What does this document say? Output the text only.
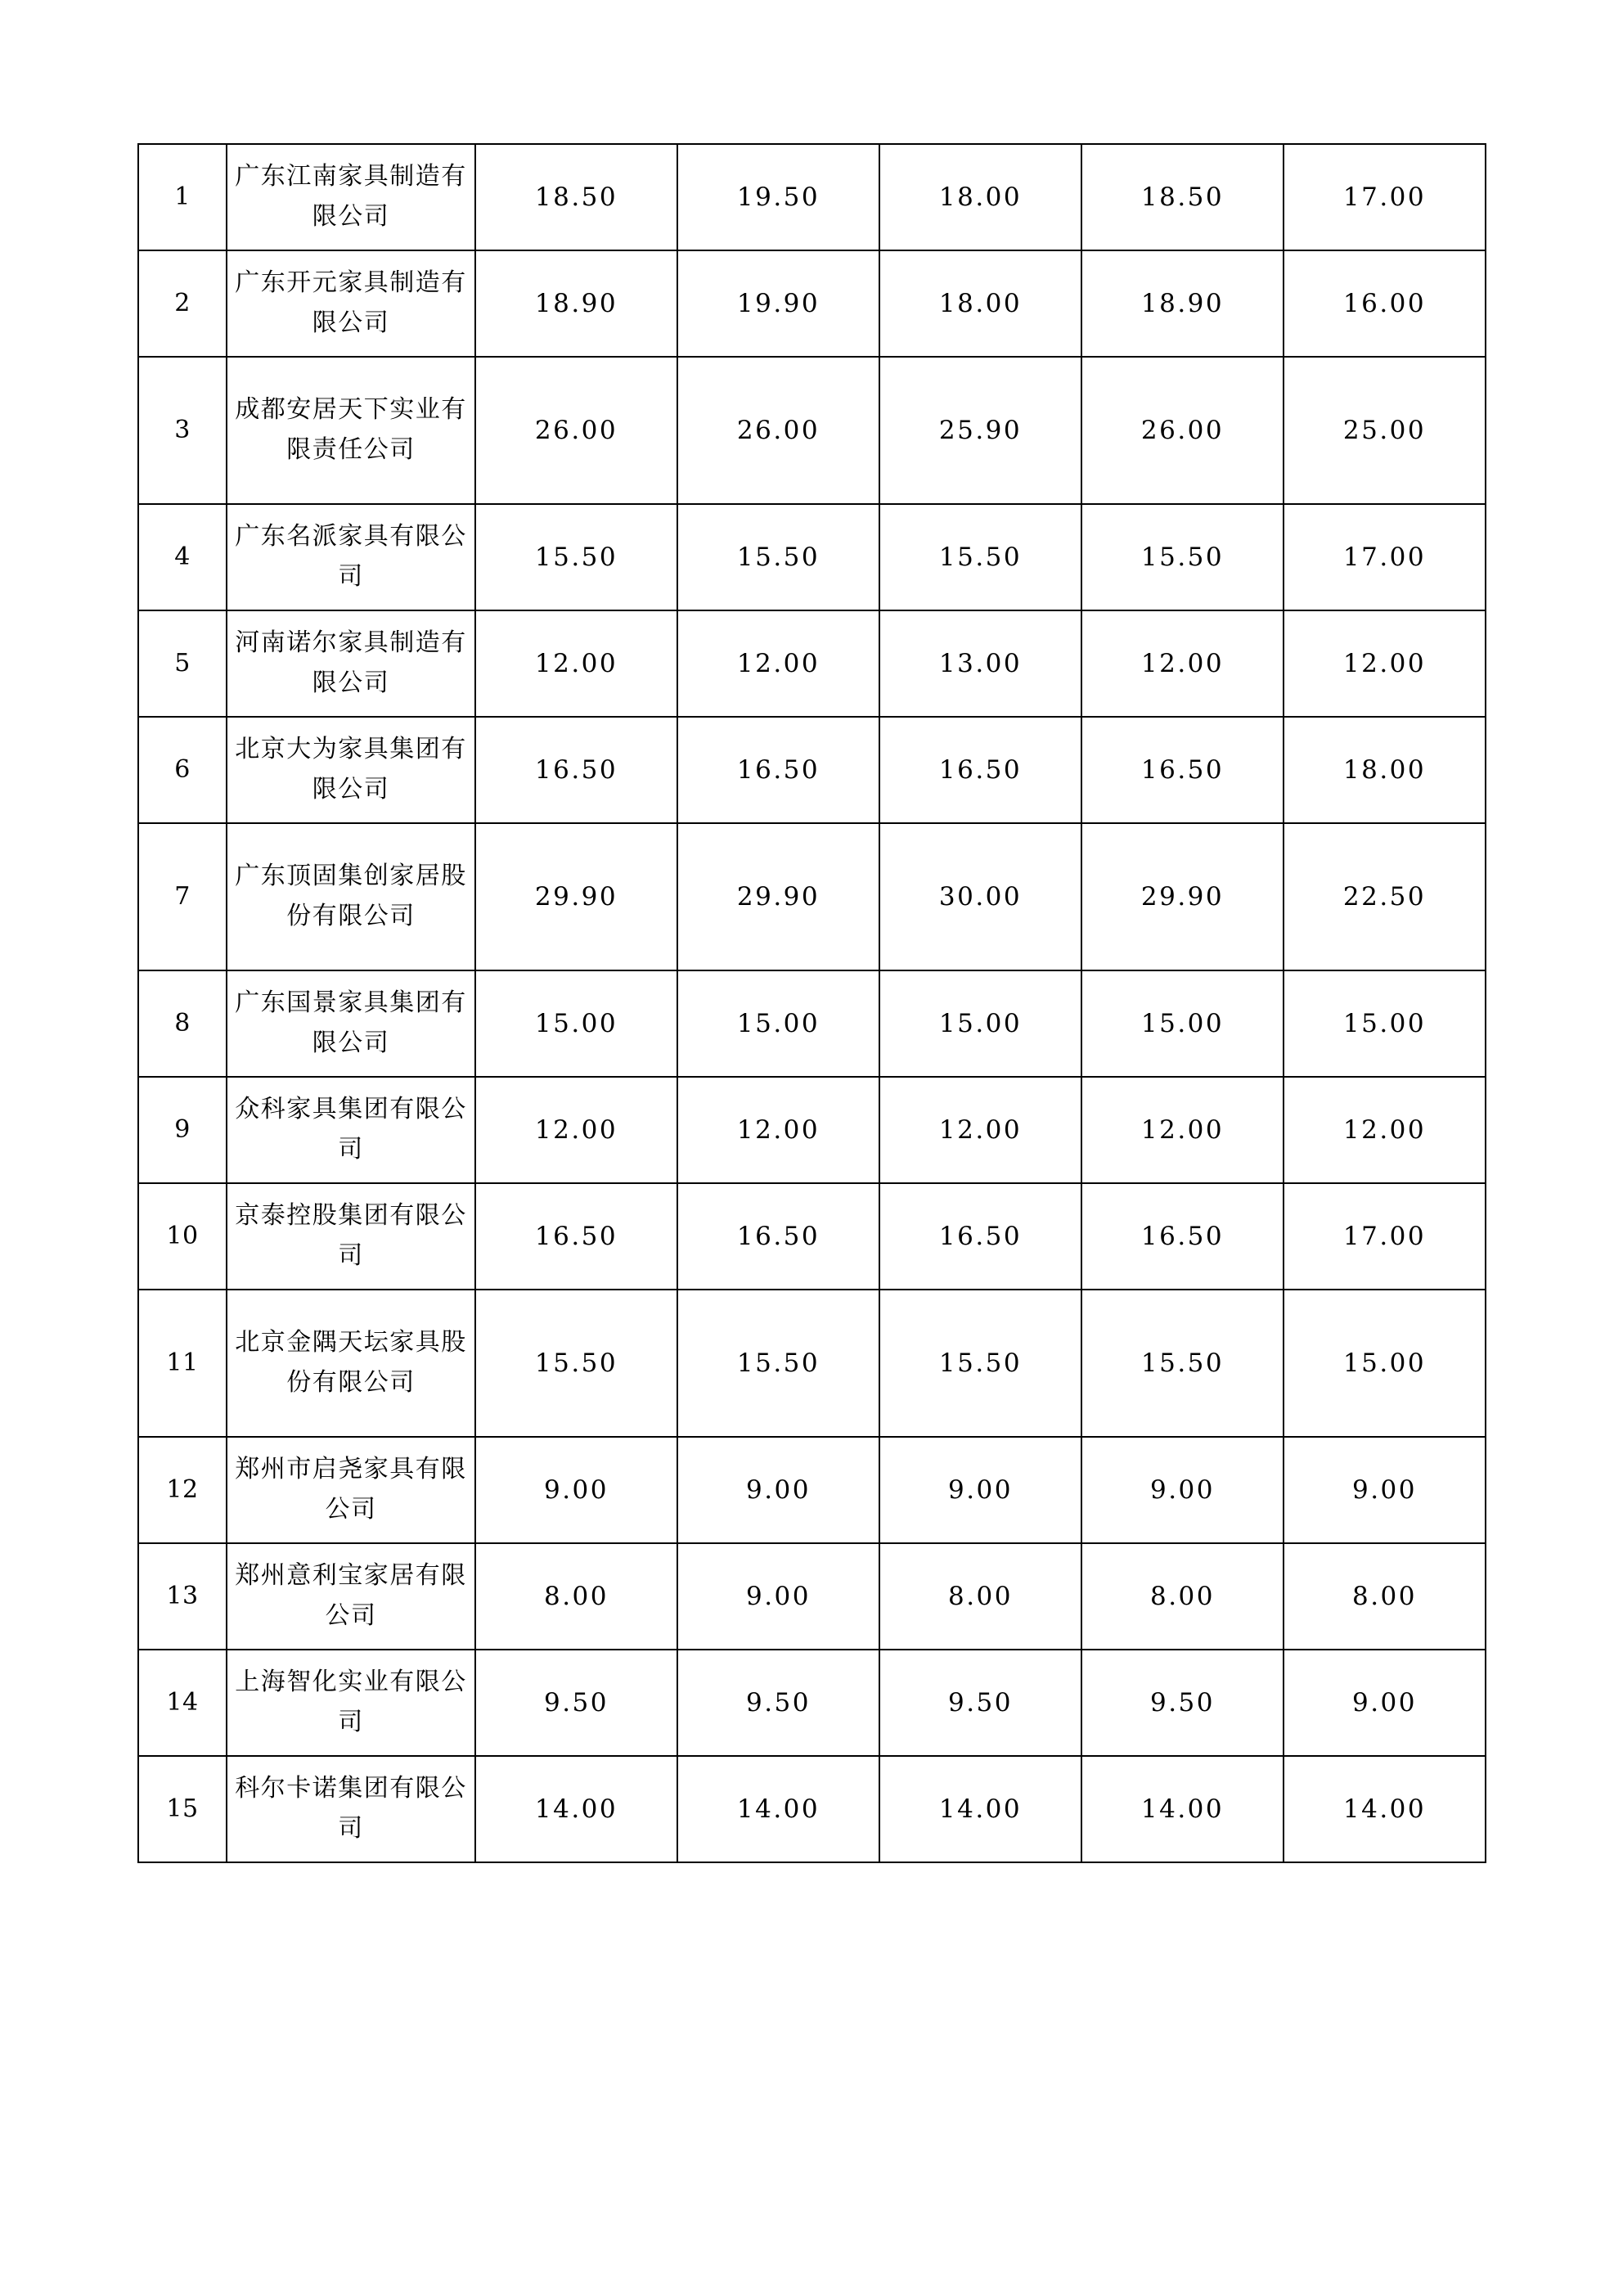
1	广东江南家具制造有限公司	18.50	19.50	18.00	18.50	17.00
2	广东开元家具制造有限公司	18.90	19.90	18.00	18.90	16.00
3	成都安居天下实业有限责任公司	26.00	26.00	25.90	26.00	25.00
4	广东名派家具有限公司	15.50	15.50	15.50	15.50	17.00
5	河南诺尔家具制造有限公司	12.00	12.00	13.00	12.00	12.00
6	北京大为家具集团有限公司	16.50	16.50	16.50	16.50	18.00
7	广东顶固集创家居股份有限公司	29.90	29.90	30.00	29.90	22.50
8	广东国景家具集团有限公司	15.00	15.00	15.00	15.00	15.00
9	众科家具集团有限公司	12.00	12.00	12.00	12.00	12.00
10	京泰控股集团有限公司	16.50	16.50	16.50	16.50	17.00
11	北京金隅天坛家具股份有限公司	15.50	15.50	15.50	15.50	15.00
12	郑州市启尧家具有限公司	9.00	9.00	9.00	9.00	9.00
13	郑州意利宝家居有限公司	8.00	9.00	8.00	8.00	8.00
14	上海智化实业有限公司	9.50	9.50	9.50	9.50	9.00
15	科尔卡诺集团有限公司	14.00	14.00	14.00	14.00	14.00
